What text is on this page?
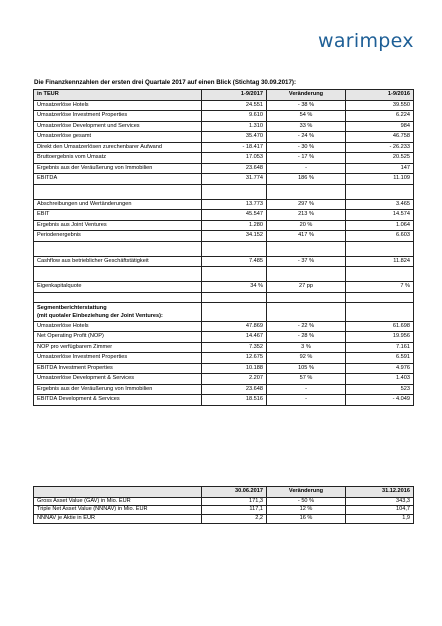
warimpex
Die Finanzkennzahlen der ersten drei Quartale 2017 auf einen Blick (Stichtag 30.09.2017):
in TEUR	1-9/2017	Veränderung	1-9/2016
Umsatzerlöse Hotels	24.551	- 38 %	39.550
Umsatzerlöse Investment Properties	9.610	54 %	6.224
Umsatzerlöse Development und Services	1.310	33 %	984
Umsatzerlöse gesamt	35.470	- 24 %	46.758
Direkt den Umsatzerlösen zurechenbarer Aufwand	- 18.417	- 30 %	- 26.233
Bruttoergebnis vom Umsatz	17.053	- 17 %	20.525
Ergebnis aus der Veräußerung von Immobilien	23.648	-	147
EBITDA	31.774	186 %	11.109

Abschreibungen und Wertänderungen	13.773	297 %	3.465
EBIT	45.547	213 %	14.574
Ergebnis aus Joint Ventures	1.280	20 %	1.064
Periodenergebnis	34.152	417 %	6.603

Cashflow aus betrieblicher Geschäftstätigkeit	7.485	- 37 %	11.824

Eigenkapitalquote	34 %	27 pp	7 %

Segmentberichterstattung
(mit quotaler Einbeziehung der Joint Ventures):			

Umsatzerlöse Hotels	47.869	- 22 %	61.698
Net Operating Profit (NOP)	14.467	- 28 %	19.956
NOP pro verfügbarem Zimmer	7.352	3 %	7.161
Umsatzerlöse Investment Properties	12.675	92 %	6.591
EBITDA Investment Properties	10.188	105 %	4.976
Umsatzerlöse Development & Services	2.207	57 %	1.403
Ergebnis aus der Veräußerung von Immobilien	23.648	-	523
EBITDA Development & Services	18.516	-	- 4.049
	30.06.2017	Veränderung	31.12.2016
Gross Asset Value (GAV) in Mio. EUR	171,3	- 50 %	343,3
Triple Net Asset Value (NNNAV) in Mio. EUR	117,1	12 %	104,7
NNNAV je Aktie in EUR	2,2	16 %	1,9
